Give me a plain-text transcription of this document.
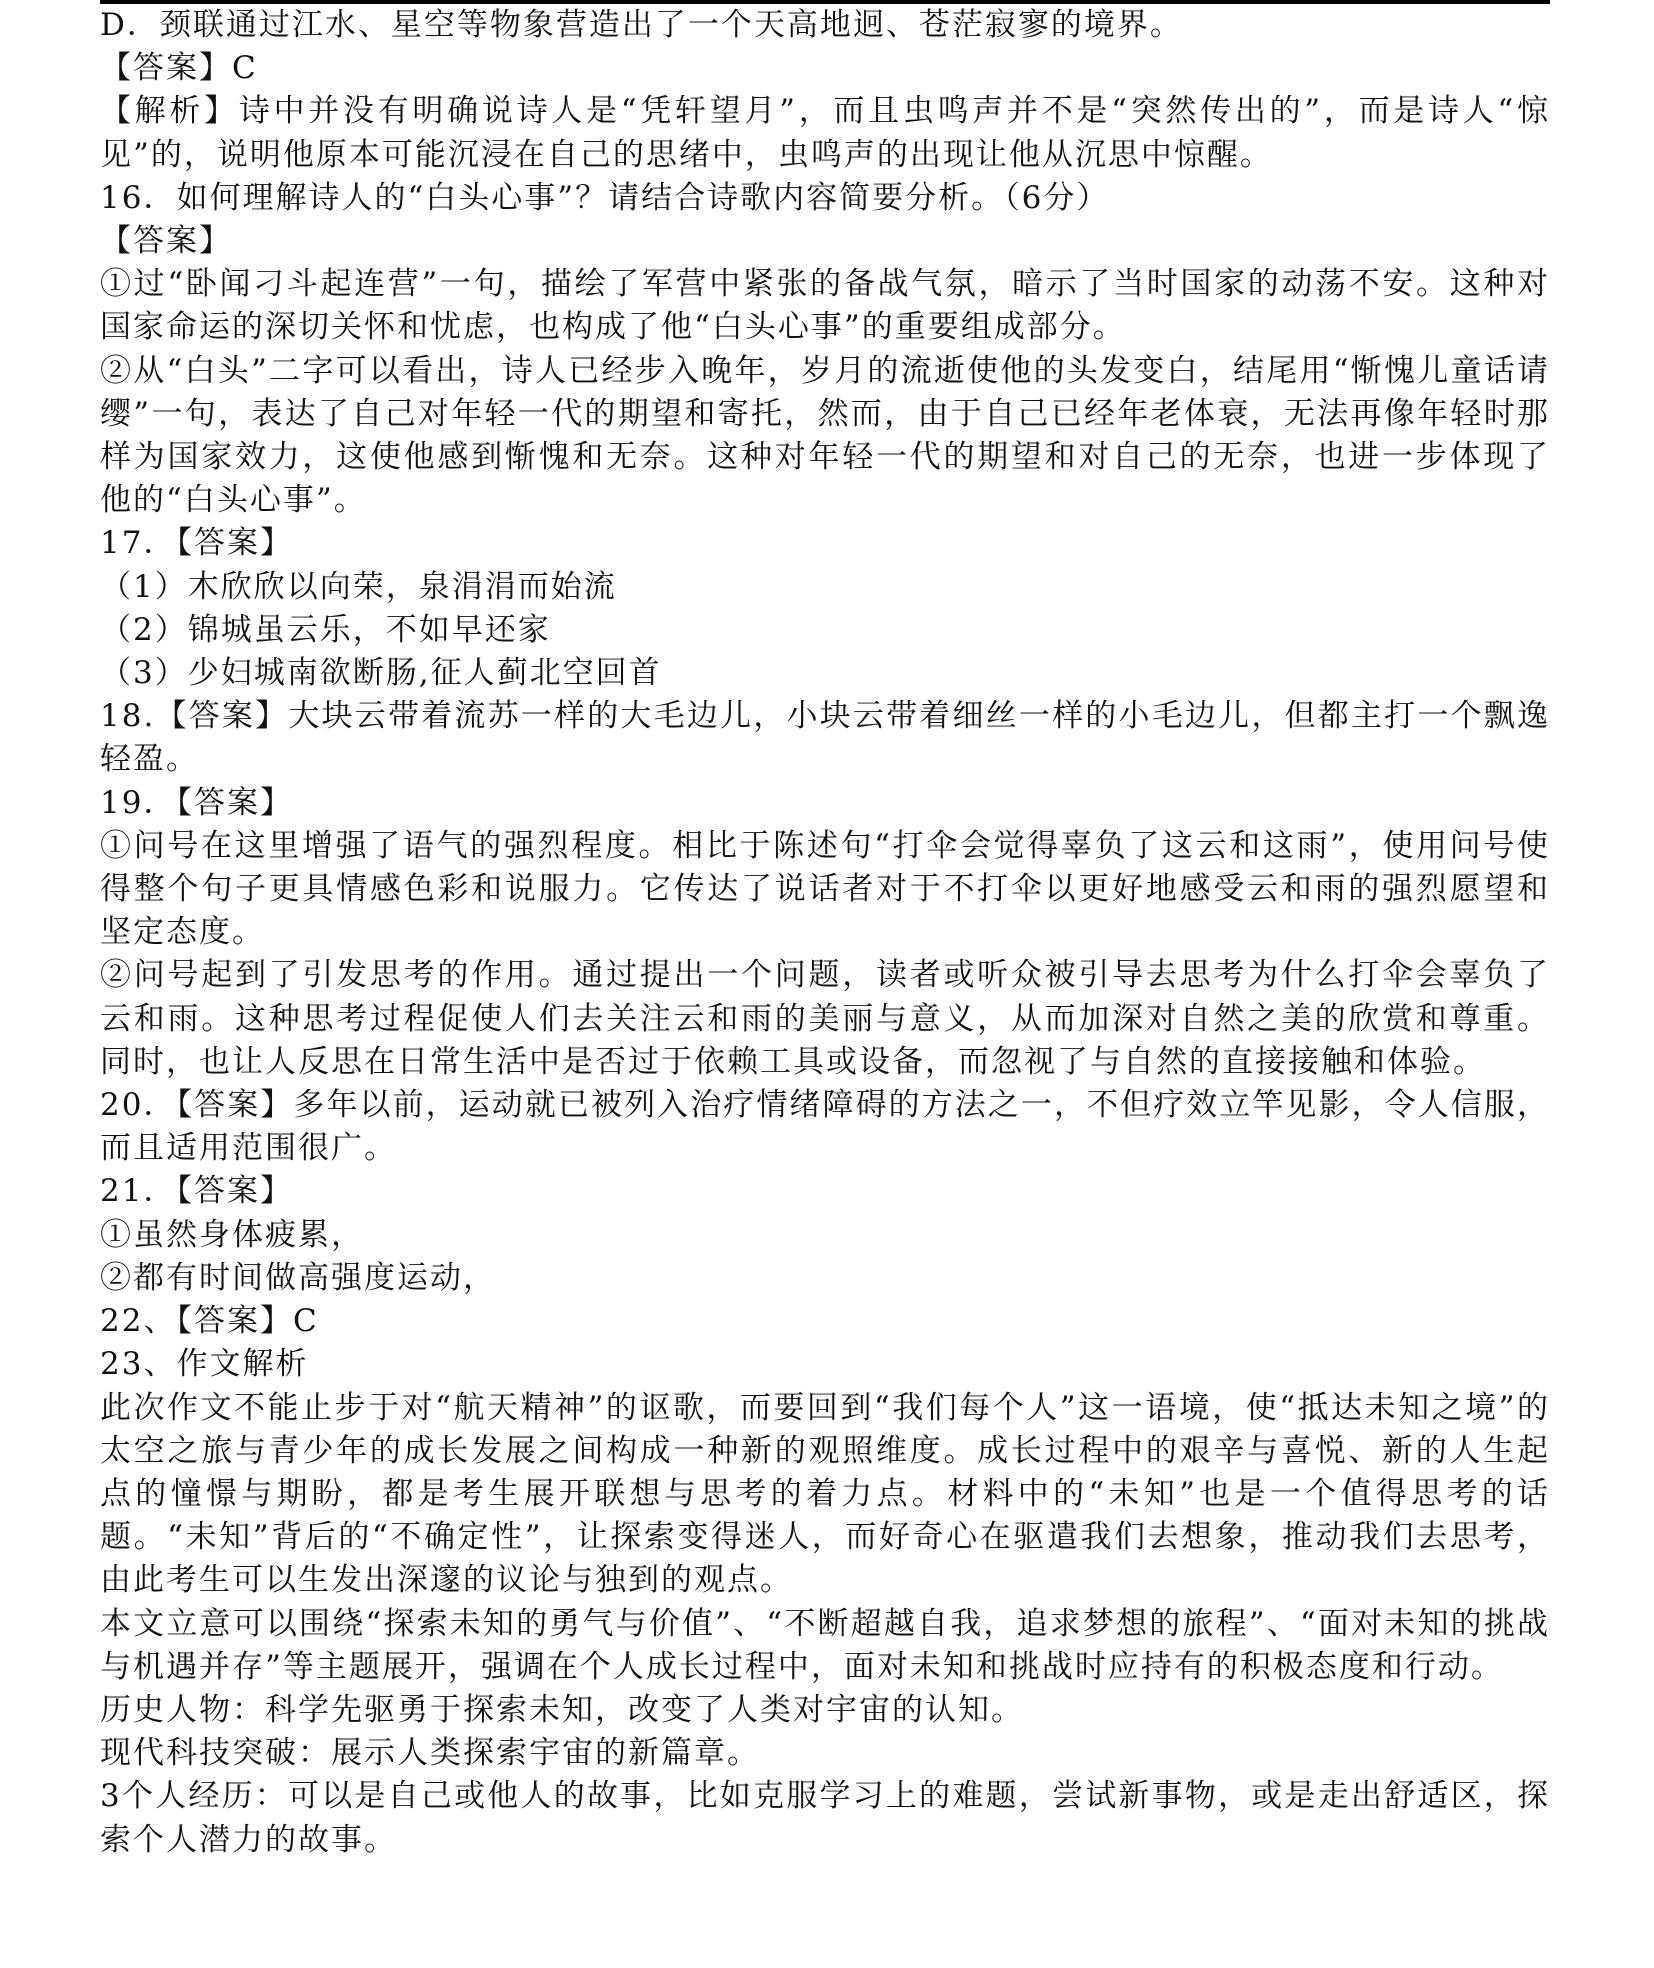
D．颈联通过江水、星空等物象营造出了一个天高地迥、苍茫寂寥的境界。

【答案】C

【解析】诗中并没有明确说诗人是“凭轩望月”，而且虫鸣声并不是“突然传出的”，而是诗人“惊见”的，说明他原本可能沉浸在自己的思绪中，虫鸣声的出现让他从沉思中惊醒。

16．如何理解诗人的“白头心事”？请结合诗歌内容简要分析。（6分）

【答案】

①过“卧闻刁斗起连营”一句，描绘了军营中紧张的备战气氛，暗示了当时国家的动荡不安。这种对国家命运的深切关怀和忧虑，也构成了他“白头心事”的重要组成部分。

②从“白头”二字可以看出，诗人已经步入晚年，岁月的流逝使他的头发变白，结尾用“惭愧儿童话请缨”一句，表达了自己对年轻一代的期望和寄托，然而，由于自己已经年老体衰，无法再像年轻时那样为国家效力，这使他感到惭愧和无奈。这种对年轻一代的期望和对自己的无奈，也进一步体现了他的“白头心事”。

17．【答案】

（1）木欣欣以向荣，泉涓涓而始流

（2）锦城虽云乐，不如早还家

（3）少妇城南欲断肠,征人蓟北空回首

18.【答案】大块云带着流苏一样的大毛边儿，小块云带着细丝一样的小毛边儿，但都主打一个飘逸轻盈。

19．【答案】

①问号在这里增强了语气的强烈程度。相比于陈述句“打伞会觉得辜负了这云和这雨”，使用问号使得整个句子更具情感色彩和说服力。它传达了说话者对于不打伞以更好地感受云和雨的强烈愿望和坚定态度。

②问号起到了引发思考的作用。通过提出一个问题，读者或听众被引导去思考为什么打伞会辜负了云和雨。这种思考过程促使人们去关注云和雨的美丽与意义，从而加深对自然之美的欣赏和尊重。同时，也让人反思在日常生活中是否过于依赖工具或设备，而忽视了与自然的直接接触和体验。

20．【答案】多年以前，运动就已被列入治疗情绪障碍的方法之一，不但疗效立竿见影，令人信服，而且适用范围很广。

21．【答案】

①虽然身体疲累，

②都有时间做高强度运动，

22、【答案】C

23、作文解析

此次作文不能止步于对“航天精神”的讴歌，而要回到“我们每个人”这一语境，使“抵达未知之境”的太空之旅与青少年的成长发展之间构成一种新的观照维度。成长过程中的艰辛与喜悦、新的人生起点的憧憬与期盼，都是考生展开联想与思考的着力点。材料中的“未知”也是一个值得思考的话题。“未知”背后的“不确定性”，让探索变得迷人，而好奇心在驱遣我们去想象，推动我们去思考，由此考生可以生发出深邃的议论与独到的观点。

本文立意可以围绕“探索未知的勇气与价值”、“不断超越自我，追求梦想的旅程”、“面对未知的挑战与机遇并存”等主题展开，强调在个人成长过程中，面对未知和挑战时应持有的积极态度和行动。

历史人物：科学先驱勇于探索未知，改变了人类对宇宙的认知。

现代科技突破：展示人类探索宇宙的新篇章。

3个人经历：可以是自己或他人的故事，比如克服学习上的难题，尝试新事物，或是走出舒适区，探索个人潜力的故事。
